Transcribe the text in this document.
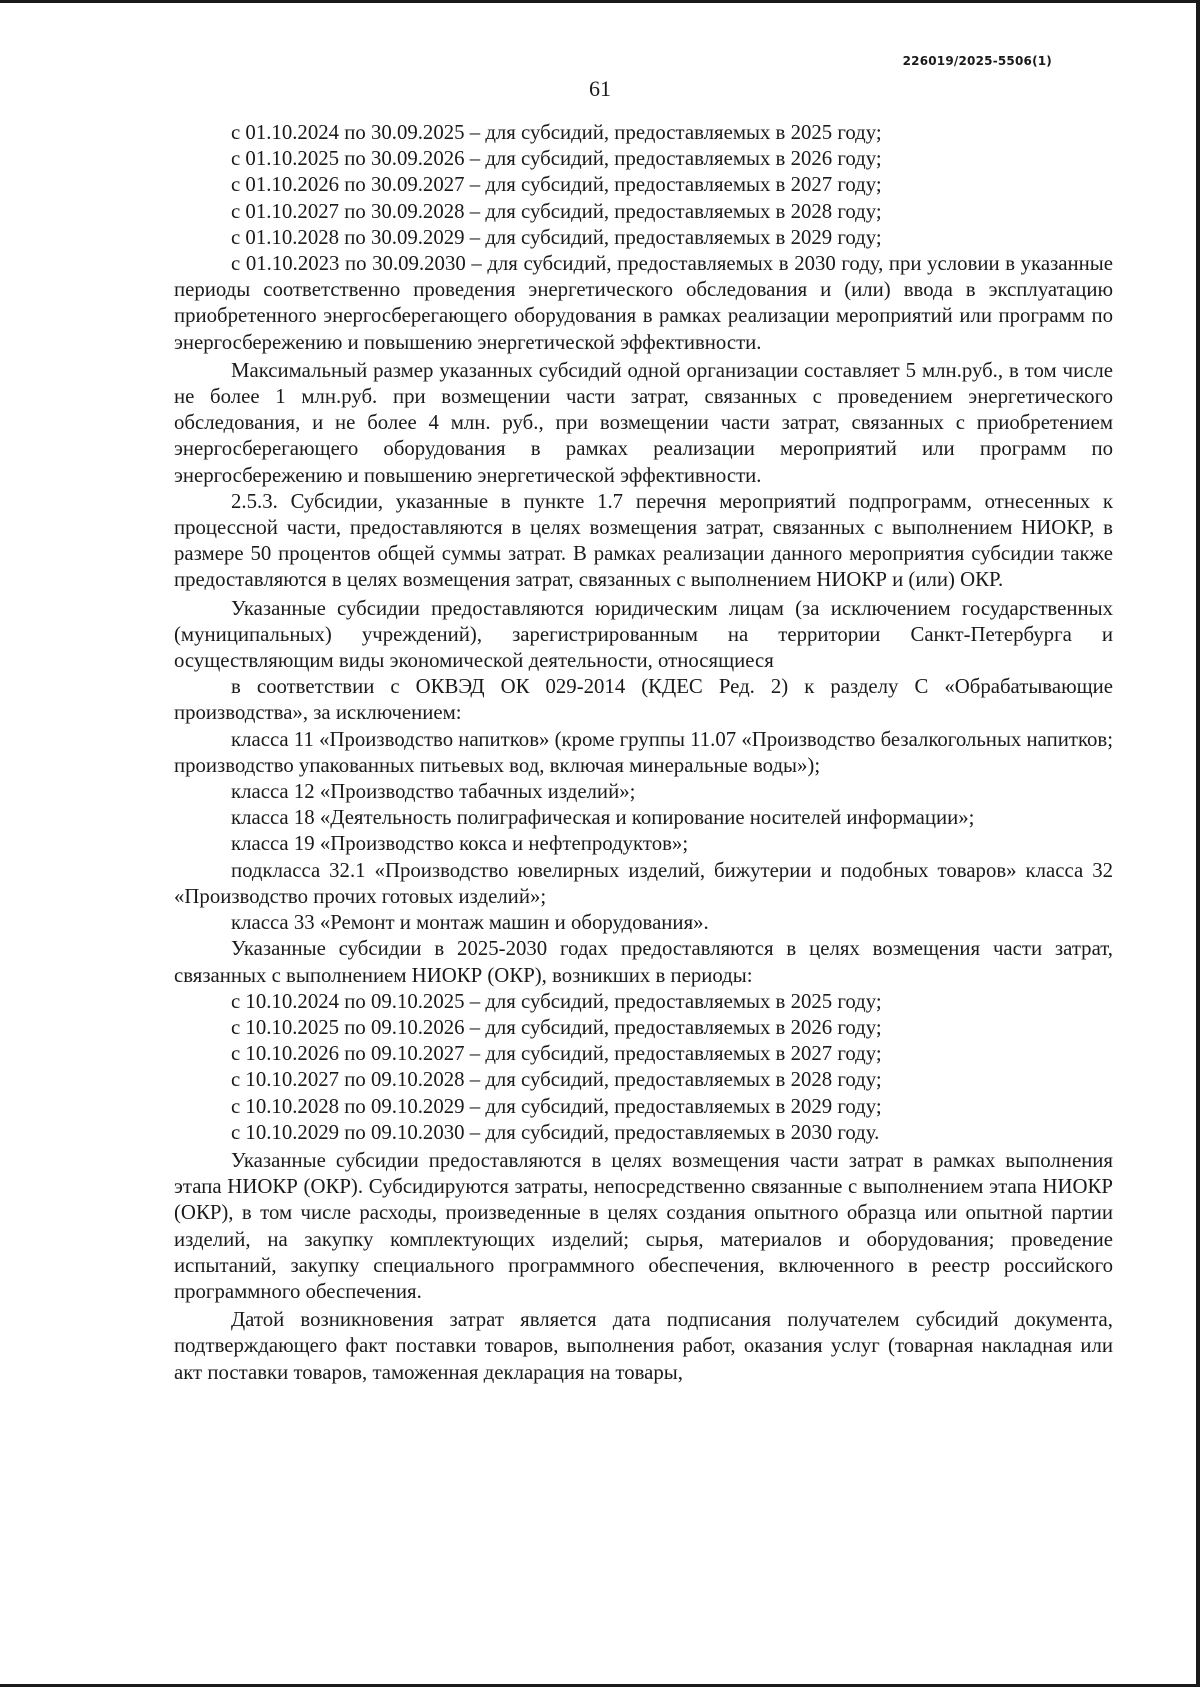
226019/2025-5506(1)
61

с 01.10.2024 по 30.09.2025 – для субсидий, предоставляемых в 2025 году;

с 01.10.2025 по 30.09.2026 – для субсидий, предоставляемых в 2026 году;

с 01.10.2026 по 30.09.2027 – для субсидий, предоставляемых в 2027 году;

с 01.10.2027 по 30.09.2028 – для субсидий, предоставляемых в 2028 году;

с 01.10.2028 по 30.09.2029 – для субсидий, предоставляемых в 2029 году;

с 01.10.2023 по 30.09.2030 – для субсидий, предоставляемых в 2030 году, при условии в указанные периоды соответственно проведения энергетического обследования и (или) ввода в эксплуатацию приобретенного энергосберегающего оборудования в рамках реализации мероприятий или программ по энергосбережению и повышению энергетической эффективности.

Максимальный размер указанных субсидий одной организации составляет 5 млн.руб., в том числе не более 1 млн.руб. при возмещении части затрат, связанных с проведением энергетического обследования, и не более 4 млн. руб., при возмещении части затрат, связанных с приобретением энергосберегающего оборудования в рамках реализации мероприятий или программ по энергосбережению и повышению энергетической эффективности.

2.5.3. Субсидии, указанные в пункте 1.7 перечня мероприятий подпрограмм, отнесенных к процессной части, предоставляются в целях возмещения затрат, связанных с выполнением НИОКР, в размере 50 процентов общей суммы затрат. В рамках реализации данного мероприятия субсидии также предоставляются в целях возмещения затрат, связанных с выполнением НИОКР и (или) ОКР.

Указанные субсидии предоставляются юридическим лицам (за исключением государственных (муниципальных) учреждений), зарегистрированным на территории Санкт-Петербурга и осуществляющим виды экономической деятельности, относящиеся

в соответствии с ОКВЭД ОК 029-2014 (КДЕС Ред. 2) к разделу С «Обрабатывающие производства», за исключением:

класса 11 «Производство напитков» (кроме группы 11.07 «Производство безалкогольных напитков; производство упакованных питьевых вод, включая минеральные воды»);

класса 12 «Производство табачных изделий»;

класса 18 «Деятельность полиграфическая и копирование носителей информации»;

класса 19 «Производство кокса и нефтепродуктов»;

подкласса 32.1 «Производство ювелирных изделий, бижутерии и подобных товаров» класса 32 «Производство прочих готовых изделий»;

класса 33 «Ремонт и монтаж машин и оборудования».

Указанные субсидии в 2025-2030 годах предоставляются в целях возмещения части затрат, связанных с выполнением НИОКР (ОКР), возникших в периоды:

с 10.10.2024 по 09.10.2025 – для субсидий, предоставляемых в 2025 году;

с 10.10.2025 по 09.10.2026 – для субсидий, предоставляемых в 2026 году;

с 10.10.2026 по 09.10.2027 – для субсидий, предоставляемых в 2027 году;

с 10.10.2027 по 09.10.2028 – для субсидий, предоставляемых в 2028 году;

с 10.10.2028 по 09.10.2029 – для субсидий, предоставляемых в 2029 году;

с 10.10.2029 по 09.10.2030 – для субсидий, предоставляемых в 2030 году.

Указанные субсидии предоставляются в целях возмещения части затрат в рамках выполнения этапа НИОКР (ОКР). Субсидируются затраты, непосредственно связанные с выполнением этапа НИОКР (ОКР), в том числе расходы, произведенные в целях создания опытного образца или опытной партии изделий, на закупку комплектующих изделий; сырья, материалов и оборудования; проведение испытаний, закупку специального программного обеспечения, включенного в реестр российского программного обеспечения.

Датой возникновения затрат является дата подписания получателем субсидий документа, подтверждающего факт поставки товаров, выполнения работ, оказания услуг (товарная накладная или акт поставки товаров, таможенная декларация на товары,
